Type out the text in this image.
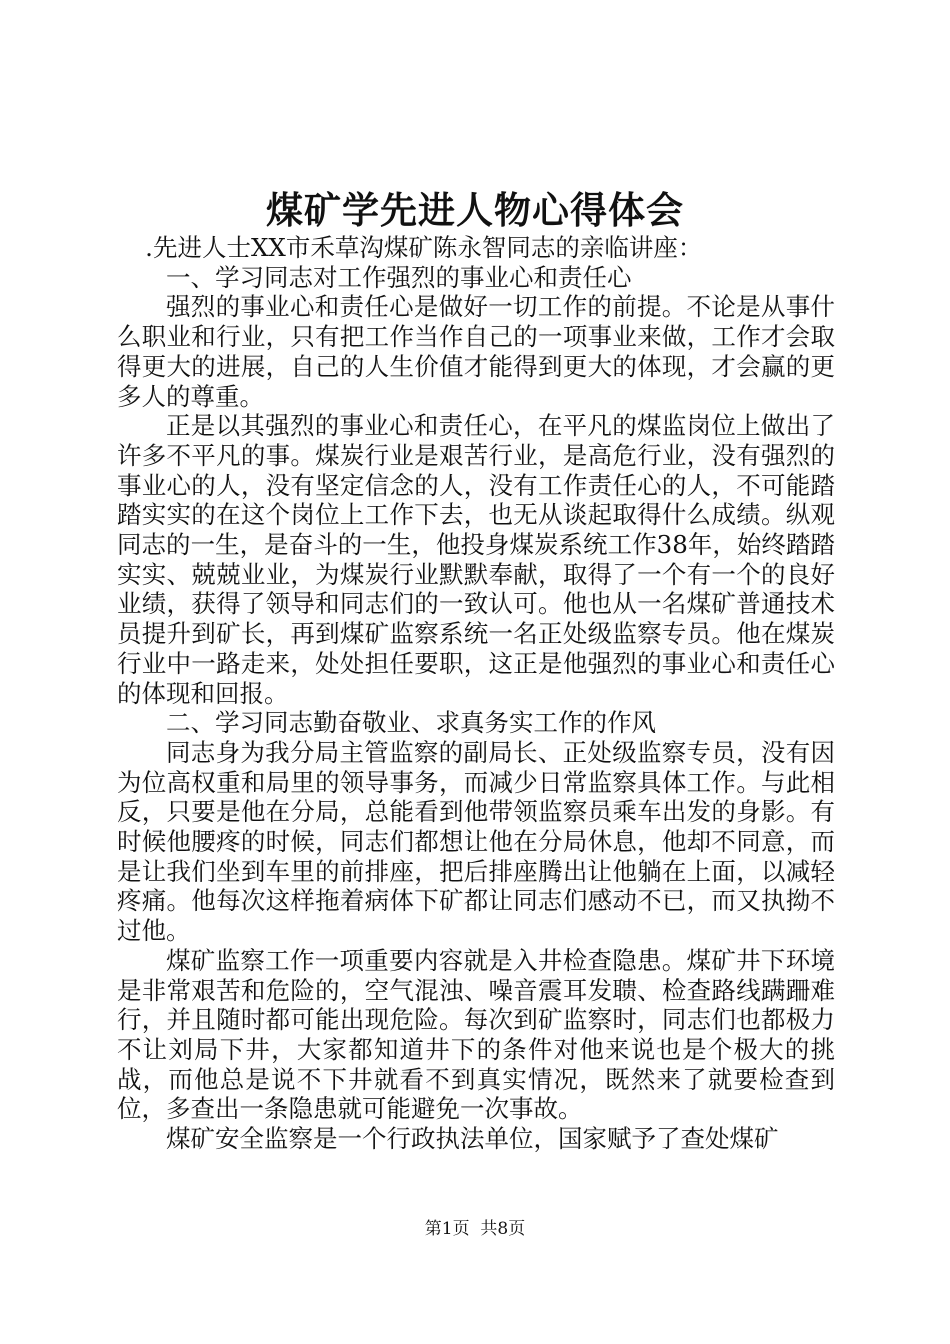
煤矿学先进人物心得体会

.先进人士XX市禾草沟煤矿陈永智同志的亲临讲座：

一、学习同志对工作强烈的事业心和责任心

强烈的事业心和责任心是做好一切工作的前提。不论是从事什么职业和行业，只有把工作当作自己的一项事业来做，工作才会取得更大的进展，自己的人生价值才能得到更大的体现，才会赢的更多人的尊重。

正是以其强烈的事业心和责任心，在平凡的煤监岗位上做出了许多不平凡的事。煤炭行业是艰苦行业，是高危行业，没有强烈的事业心的人，没有坚定信念的人，没有工作责任心的人，不可能踏踏实实的在这个岗位上工作下去，也无从谈起取得什么成绩。纵观同志的一生，是奋斗的一生，他投身煤炭系统工作38年，始终踏踏实实、兢兢业业，为煤炭行业默默奉献，取得了一个有一个的良好业绩，获得了领导和同志们的一致认可。他也从一名煤矿普通技术员提升到矿长，再到煤矿监察系统一名正处级监察专员。他在煤炭行业中一路走来，处处担任要职，这正是他强烈的事业心和责任心的体现和回报。

二、学习同志勤奋敬业、求真务实工作的作风

同志身为我分局主管监察的副局长、正处级监察专员，没有因为位高权重和局里的领导事务，而减少日常监察具体工作。与此相反，只要是他在分局，总能看到他带领监察员乘车出发的身影。有时候他腰疼的时候，同志们都想让他在分局休息，他却不同意，而是让我们坐到车里的前排座，把后排座腾出让他躺在上面，以减轻疼痛。他每次这样拖着病体下矿都让同志们感动不已，而又执拗不过他。

煤矿监察工作一项重要内容就是入井检查隐患。煤矿井下环境是非常艰苦和危险的，空气混浊、噪音震耳发聩、检查路线蹒跚难行，并且随时都可能出现危险。每次到矿监察时，同志们也都极力不让刘局下井，大家都知道井下的条件对他来说也是个极大的挑战，而他总是说不下井就看不到真实情况，既然来了就要检查到位，多查出一条隐患就可能避免一次事故。

煤矿安全监察是一个行政执法单位，国家赋予了查处煤矿

第1页 共8页
